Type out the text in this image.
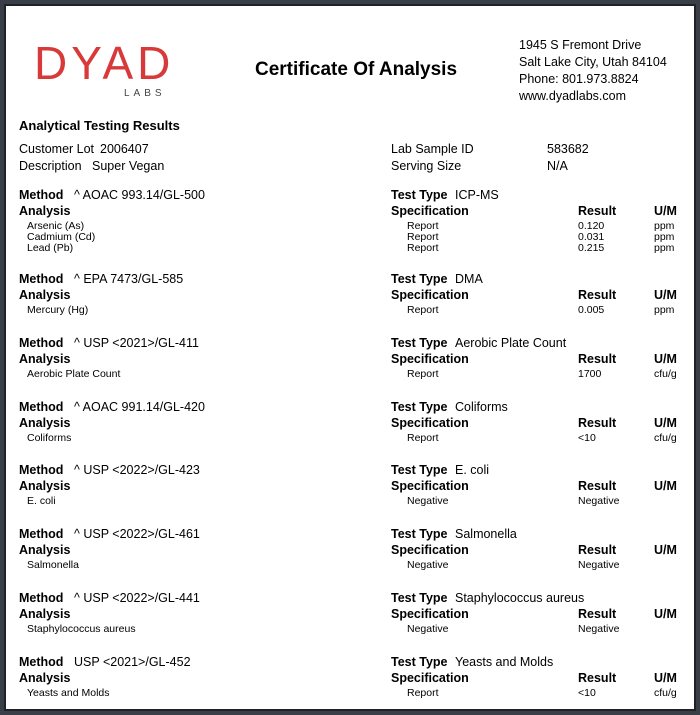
DYAD
LABS
Certificate Of Analysis
1945 S Fremont Drive
Salt Lake City, Utah 84104
Phone: 801.973.8824
www.dyadlabs.com
Analytical Testing Results
Customer Lot 2006407
Description Super Vegan
Lab Sample ID	583682
Serving Size	N/A
Method ^ AOAC 993.14/GL-500
Analysis
Test Type ICP-MS
Specification	Result	U/M
Arsenic (As)	Report	0.120	ppm
Cadmium (Cd)	Report	0.031	ppm
Lead (Pb)	Report	0.215	ppm
Method ^ EPA 7473/GL-585
Analysis
Test Type DMA
Specification	Result	U/M
Mercury (Hg)	Report	0.005	ppm
Method ^ USP <2021>/GL-411
Analysis
Test Type Aerobic Plate Count
Specification	Result	U/M
Aerobic Plate Count	Report	1700	cfu/g
Method ^ AOAC 991.14/GL-420
Analysis
Test Type Coliforms
Specification	Result	U/M
Coliforms	Report	<10	cfu/g
Method ^ USP <2022>/GL-423
Analysis
Test Type E. coli
Specification	Result	U/M
E. coli	Negative	Negative
Method ^ USP <2022>/GL-461
Analysis
Test Type Salmonella
Specification	Result	U/M
Salmonella	Negative	Negative
Method ^ USP <2022>/GL-441
Analysis
Test Type Staphylococcus aureus
Specification	Result	U/M
Staphylococcus aureus	Negative	Negative
Method USP <2021>/GL-452
Analysis
Test Type Yeasts and Molds
Specification	Result	U/M
Yeasts and Molds	Report	<10	cfu/g
